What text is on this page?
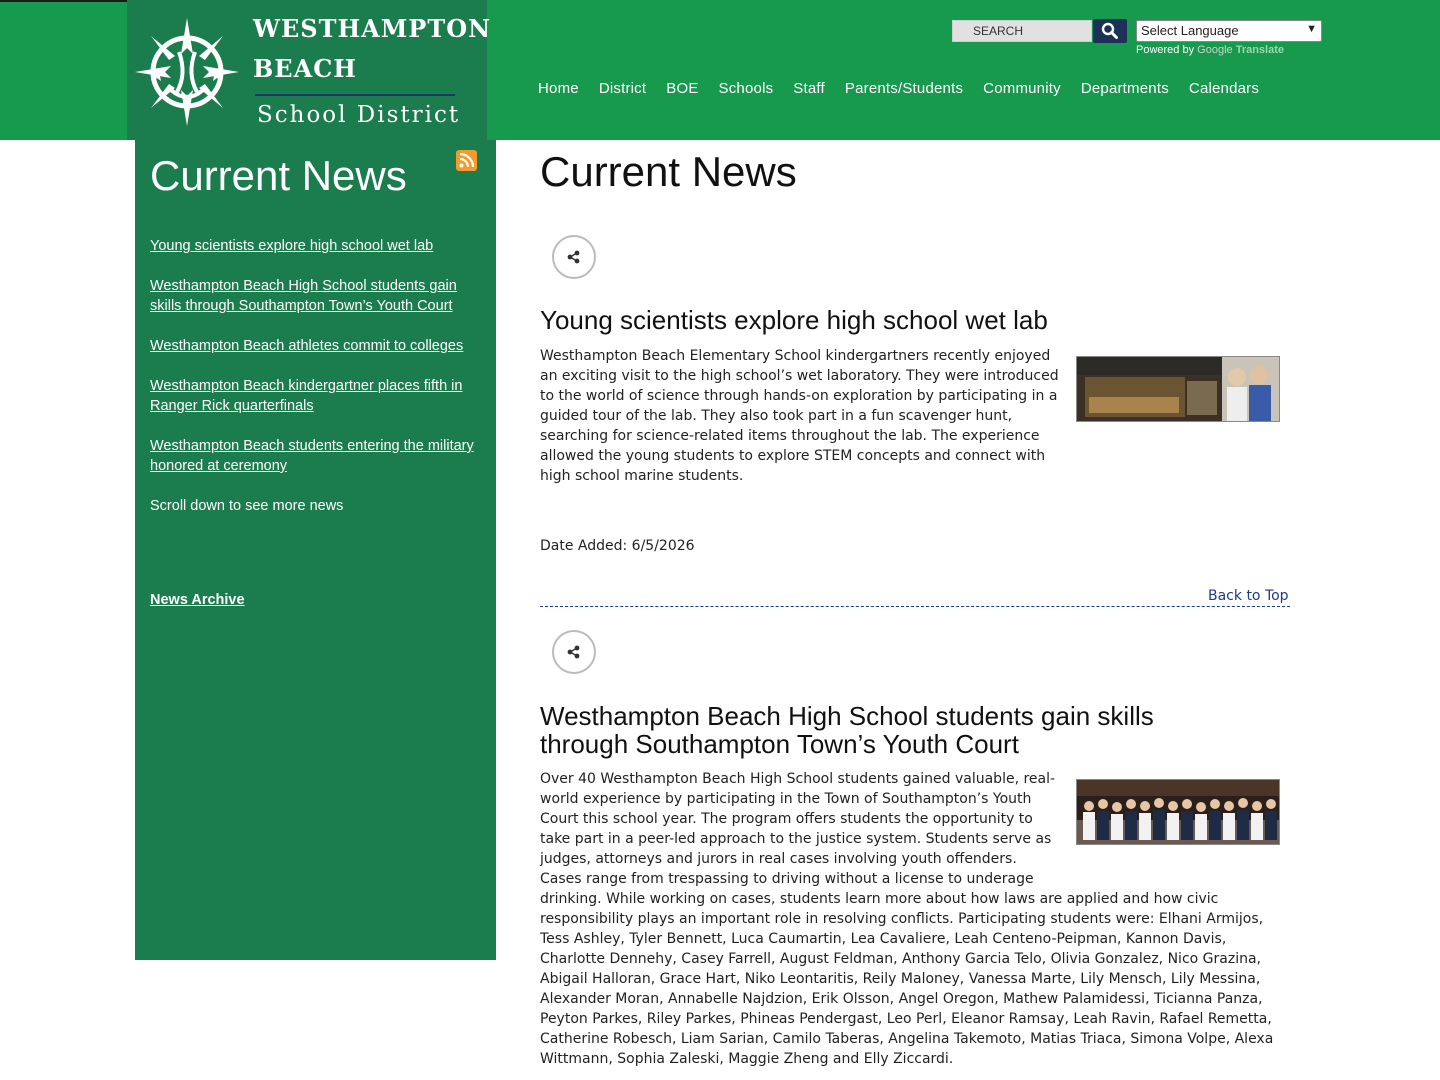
WESTHAMPTON
BEACH
School District
SEARCH	Select Language	▼
Powered by Google Translate
Home District BOE Schools Staff Parents/Students Community Departments Calendars
Current News
Young scientists explore high school wet lab
Westhampton Beach High School students gain skills through Southampton Town’s Youth Court
Westhampton Beach athletes commit to colleges
Westhampton Beach kindergartner places fifth in Ranger Rick quarterfinals
Westhampton Beach students entering the military honored at ceremony
Scroll down to see more news
News Archive
Current News
Young scientists explore high school wet lab
Westhampton Beach Elementary School kindergartners recently enjoyed
an exciting visit to the high school’s wet laboratory. They were introduced
to the world of science through hands-on exploration by participating in a
guided tour of the lab. They also took part in a fun scavenger hunt,
searching for science-related items throughout the lab. The experience
allowed the young students to explore STEM concepts and connect with
high school marine students.
Date Added: 6/5/2026
Back to Top
Westhampton Beach High School students gain skills
through Southampton Town’s Youth Court
Over 40 Westhampton Beach High School students gained valuable, real-
world experience by participating in the Town of Southampton’s Youth
Court this school year. The program offers students the opportunity to
take part in a peer-led approach to the justice system. Students serve as
judges, attorneys and jurors in real cases involving youth offenders.
Cases range from trespassing to driving without a license to underage
drinking. While working on cases, students learn more about how laws are applied and how civic
responsibility plays an important role in resolving conflicts. Participating students were: Elhani Armijos,
Tess Ashley, Tyler Bennett, Luca Caumartin, Lea Cavaliere, Leah Centeno-Peipman, Kannon Davis,
Charlotte Dennehy, Casey Farrell, August Feldman, Anthony Garcia Telo, Olivia Gonzalez, Nico Grazina,
Abigail Halloran, Grace Hart, Niko Leontaritis, Reily Maloney, Vanessa Marte, Lily Mensch, Lily Messina,
Alexander Moran, Annabelle Najdzion, Erik Olsson, Angel Oregon, Mathew Palamidessi, Ticianna Panza,
Peyton Parkes, Riley Parkes, Phineas Pendergast, Leo Perl, Eleanor Ramsay, Leah Ravin, Rafael Remetta,
Catherine Robesch, Liam Sarian, Camilo Taberas, Angelina Takemoto, Matias Triaca, Simona Volpe, Alexa
Wittmann, Sophia Zaleski, Maggie Zheng and Elly Ziccardi.
